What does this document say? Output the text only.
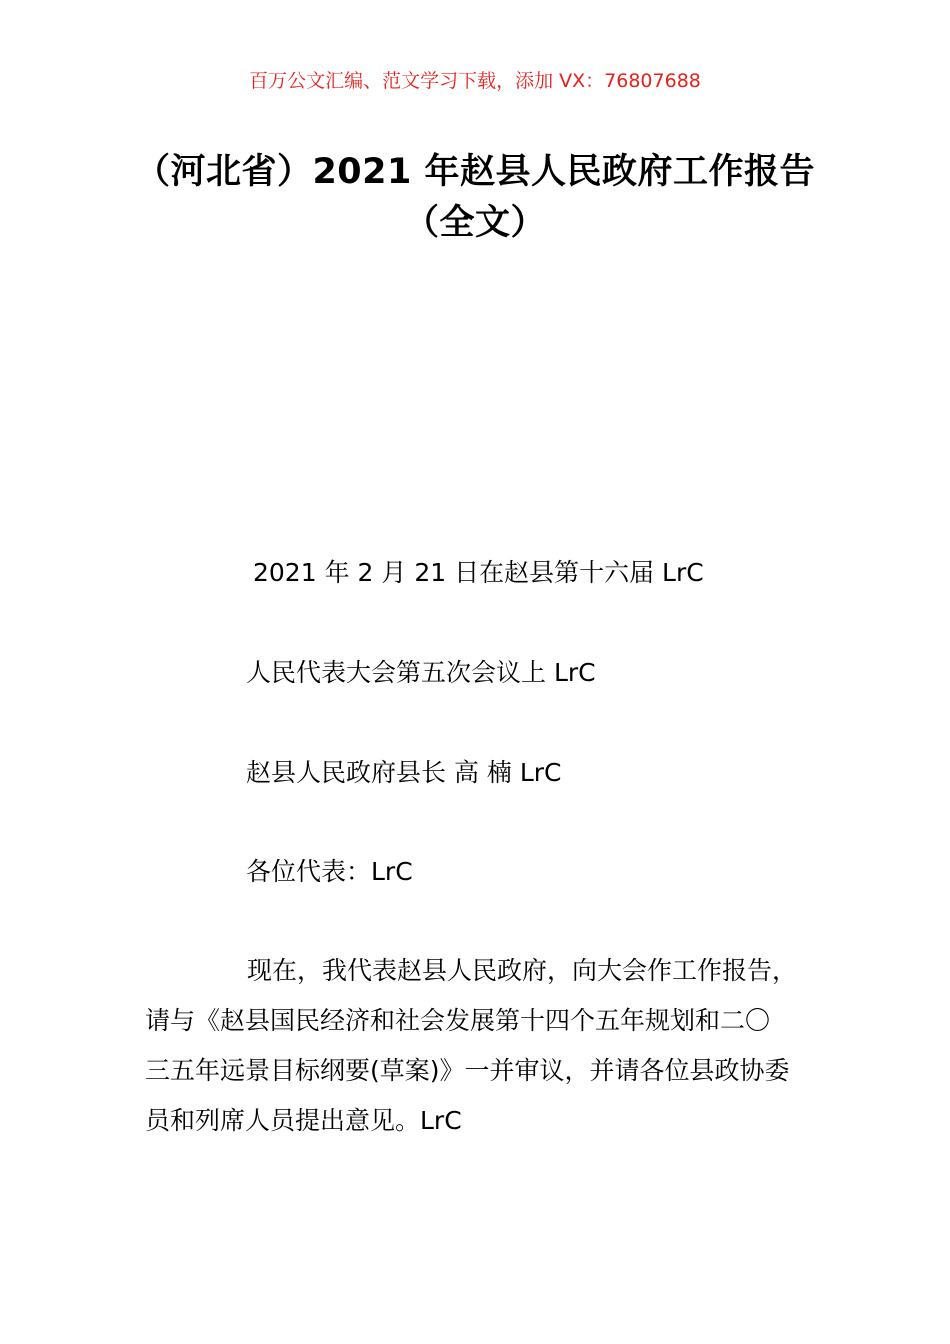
百万公文汇编、范文学习下载，添加 VX：76807688
（河北省）2021 年赵县人民政府工作报告
（全文）
2021 年 2 月 21 日在赵县第十六届 LrC
人民代表大会第五次会议上 LrC
赵县人民政府县长 高 楠 LrC
各位代表：LrC
现在，我代表赵县人民政府，向大会作工作报告，
请与《赵县国民经济和社会发展第十四个五年规划和二〇
三五年远景目标纲要(草案)》一并审议，并请各位县政协委
员和列席人员提出意见。LrC
